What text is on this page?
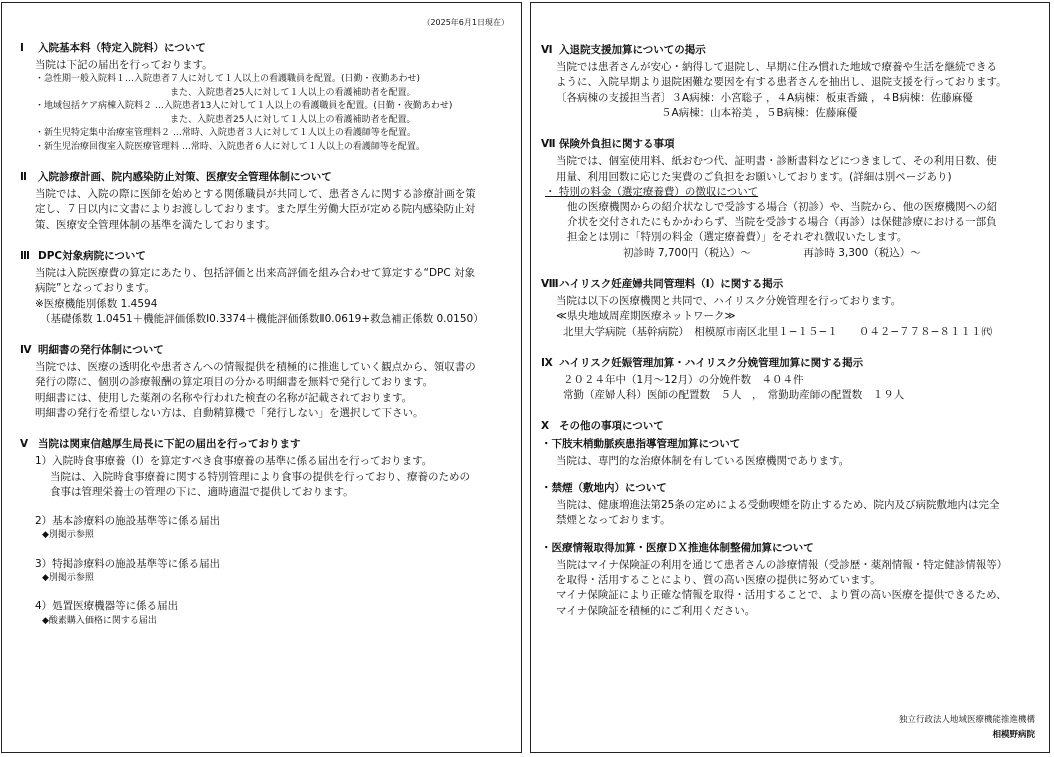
（2025年6月1日現在）
Ⅰ 入院基本料（特定入院料）について
当院は下記の届出を行っております。
・急性期一般入院料１…入院患者７人に対して１人以上の看護職員を配置。(日勤・夜勤あわせ)
また、入院患者25人に対して１人以上の看護補助者を配置。
・地域包括ケア病棟入院料２ …入院患者13人に対して１人以上の看護職員を配置。(日勤・夜勤あわせ)
また、入院患者25人に対して１人以上の看護補助者を配置。
・新生児特定集中治療室管理料２ …常時、入院患者３人に対して１人以上の看護師等を配置。
・新生児治療回復室入院医療管理料 …常時、入院患者６人に対して１人以上の看護師等を配置。
Ⅱ 入院診療計画、院内感染防止対策、医療安全管理体制について
当院では、入院の際に医師を始めとする関係職員が共同して、患者さんに関する診療計画を策
定し、７日以内に文書によりお渡ししております。また厚生労働大臣が定める院内感染防止対
策、医療安全管理体制の基準を満たしております。
Ⅲ DPC対象病院について
当院は入院医療費の算定にあたり、包括評価と出来高評価を組み合わせて算定する“DPC 対象
病院”となっております。
※医療機能別係数 1.4594
（基礎係数 1.0451＋機能評価係数Ⅰ0.3374＋機能評価係数Ⅱ0.0619+救急補正係数 0.0150）
Ⅳ 明細書の発行体制について
当院では、医療の透明化や患者さんへの情報提供を積極的に推進していく観点から、領収書の
発行の際に、個別の診療報酬の算定項目の分かる明細書を無料で発行しております。
明細書には、使用した薬剤の名称や行われた検査の名称が記載されております。
明細書の発行を希望しない方は、自動精算機で「発行しない」を選択して下さい。
Ⅴ 当院は関東信越厚生局長に下記の届出を行っております
1）入院時食事療養（Ⅰ）を算定すべき食事療養の基準に係る届出を行っております。
当院は、入院時食事療養に関する特別管理により食事の提供を行っており、療養のための
食事は管理栄養士の管理の下に、適時適温で提供しております。
2）基本診療料の施設基準等に係る届出
◆別掲示参照
3）特掲診療料の施設基準等に係る届出
◆別掲示参照
4）処置医療機器等に係る届出
◆酸素購入価格に関する届出
Ⅵ 入退院支援加算についての掲示
当院では患者さんが安心・納得して退院し、早期に住み慣れた地域で療養や生活を継続できる
ように、入院早期より退院困難な要因を有する患者さんを抽出し、退院支援を行っております。
〔各病棟の支援担当者〕３A病棟：小宮聡子 ，４A病棟：板東香織 ，４B病棟：佐藤麻優
５A病棟：山本裕美 ，５B病棟：佐藤麻優
Ⅶ 保険外負担に関する事項
当院では、個室使用料、紙おむつ代、証明書・診断書料などにつきまして、その利用日数、使
用量、利用回数に応じた実費のご負担をお願いしております。(詳細は別ページあり)
・ 特別の料金（選定療養費）の徴収について
他の医療機関からの紹介状なしで受診する場合（初診）や、当院から、他の医療機関への紹
介状を交付されたにもかかわらず、当院を受診する場合（再診）は保健診療における一部負
担金とは別に「特別の料金（選定療養費）」をそれぞれ徴収いたします。
初診時 7,700円（税込）～　　　　　再診時 3,300（税込）～
Ⅷハイリスク妊産婦共同管理料（Ⅰ）に関する掲示
当院は以下の医療機関と共同で、ハイリスク分娩管理を行っております。
≪県央地域周産期医療ネットワーク≫
北里大学病院（基幹病院）　相模原市南区北里１−１５−１　　０４２−７７８−８１１１㈹
Ⅸ ハイリスク妊娠管理加算・ハイリスク分娩管理加算に関する掲示
２０２４年中（1月～12月）の分娩件数　４０４件
常勤（産婦人科）医師の配置数　５人　，　常勤助産師の配置数　１９人
Ⅹ その他の事項について
・下肢末梢動脈疾患指導管理加算について
当院は、専門的な治療体制を有している医療機関であります。
・禁煙（敷地内）について
当院は、健康増進法第25条の定めによる受動喫煙を防止するため、院内及び病院敷地内は完全
禁煙となっております。
・医療情報取得加算・医療ＤＸ推進体制整備加算について
当院はマイナ保険証の利用を通じて患者さんの診療情報（受診歴・薬剤情報・特定健診情報等）
を取得・活用することにより、質の高い医療の提供に努めています。
マイナ保険証により正確な情報を取得・活用することで、より質の高い医療を提供できるため、
マイナ保険証を積極的にご利用ください。
独立行政法人地域医療機能推進機構
相模野病院
